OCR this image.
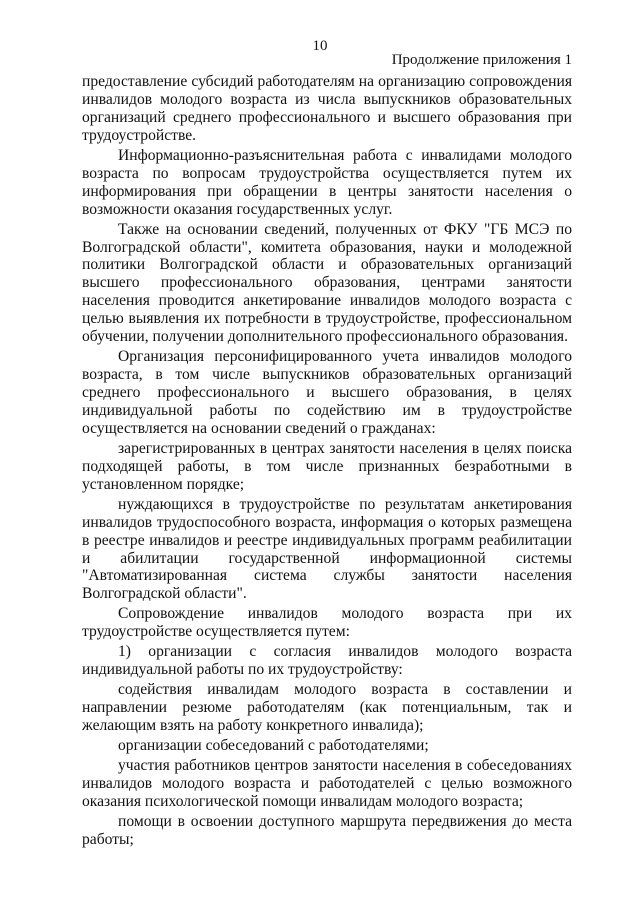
10
Продолжение приложения 1

предоставление субсидий работодателям на организацию сопровождения инвалидов молодого возраста из числа выпускников образовательных организаций среднего профессионального и высшего образования при трудоустройстве.

Информационно-разъяснительная работа с инвалидами молодого возраста по вопросам трудоустройства осуществляется путем их информирования при обращении в центры занятости населения о возможности оказания государственных услуг.

Также на основании сведений, полученных от ФКУ "ГБ МСЭ по Волгоградской области", комитета образования, науки и молодежной политики Волгоградской области и образовательных организаций высшего профессионального образования, центрами занятости населения проводится анкетирование инвалидов молодого возраста с целью выявления их потребности в трудоустройстве, профессиональном обучении, получении дополнительного профессионального образования.

Организация персонифицированного учета инвалидов молодого возраста, в том числе выпускников образовательных организаций среднего профессионального и высшего образования, в целях индивидуальной работы по содействию им в трудоустройстве осуществляется на основании сведений о гражданах:

зарегистрированных в центрах занятости населения в целях поиска подходящей работы, в том числе признанных безработными в установленном порядке;

нуждающихся в трудоустройстве по результатам анкетирования инвалидов трудоспособного возраста, информация о которых размещена в реестре инвалидов и реестре индивидуальных программ реабилитации и абилитации государственной информационной системы "Автоматизированная система службы занятости населения Волгоградской области".

Сопровождение инвалидов молодого возраста при их трудоустройстве осуществляется путем:

1) организации с согласия инвалидов молодого возраста индивидуальной работы по их трудоустройству:

содействия инвалидам молодого возраста в составлении и направлении резюме работодателям (как потенциальным, так и желающим взять на работу конкретного инвалида);

организации собеседований с работодателями;

участия работников центров занятости населения в собеседованиях инвалидов молодого возраста и работодателей с целью возможного оказания психологической помощи инвалидам молодого возраста;

помощи в освоении доступного маршрута передвижения до места работы;
